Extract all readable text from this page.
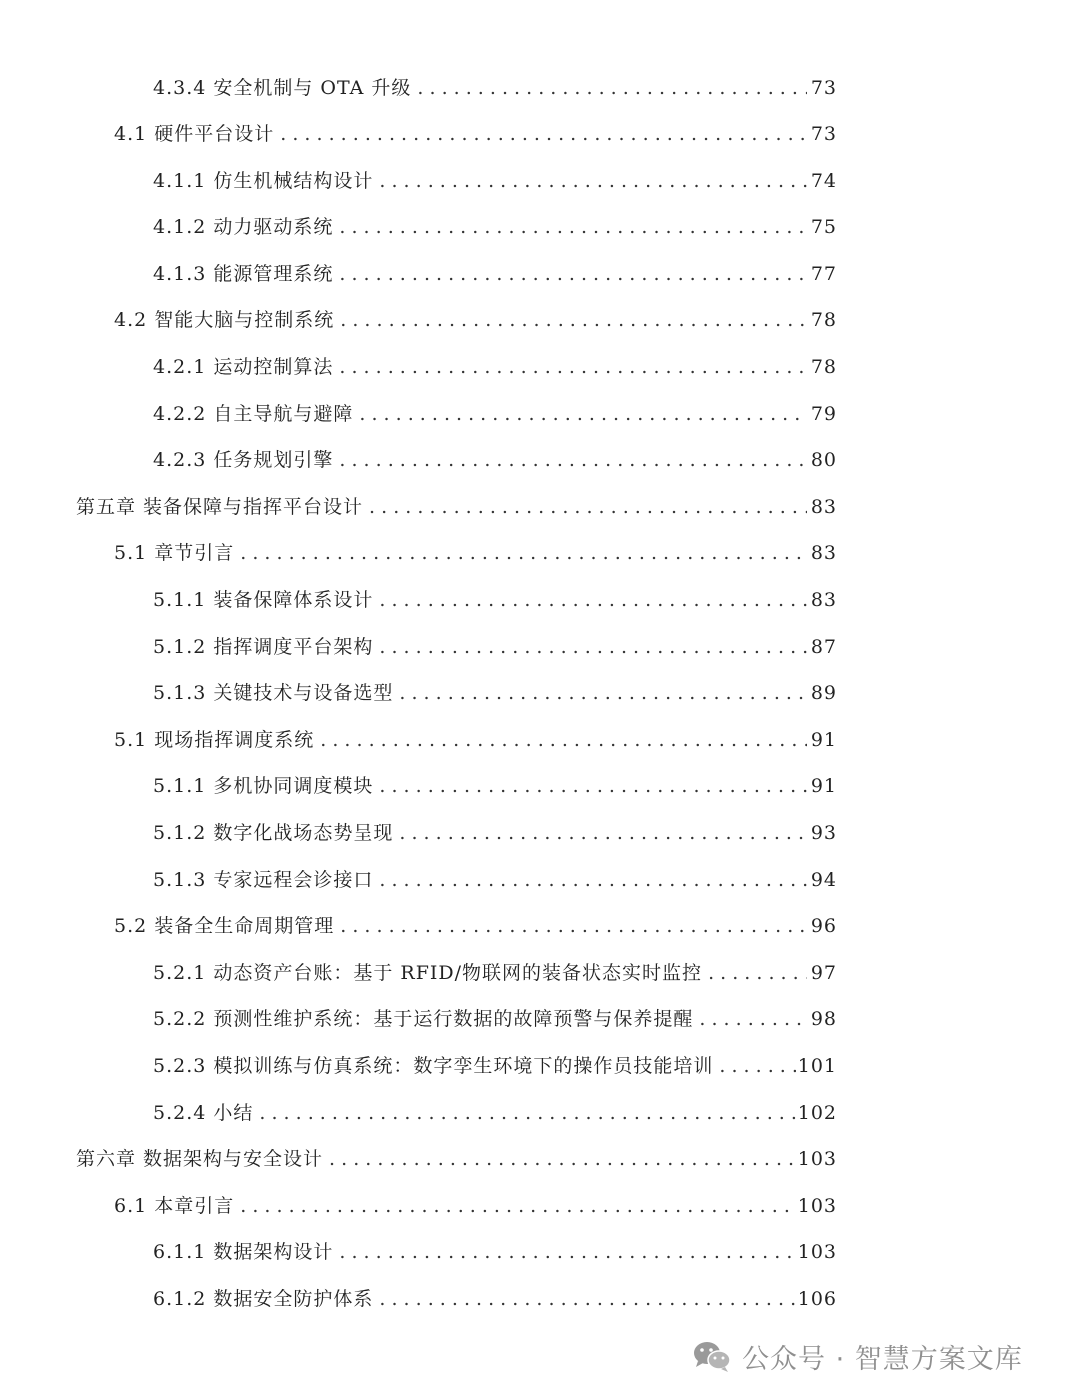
4.3.4 安全机制与 OTA 升级 . . .	73
4.1 硬件平台设计 . . .	73
4.1.1 仿生机械结构设计 . . .	74
4.1.2 动力驱动系统 . . .	75
4.1.3 能源管理系统 . . .	77
4.2 智能大脑与控制系统 . . .	78
4.2.1 运动控制算法 . . .	78
4.2.2 自主导航与避障 . . .	79
4.2.3 任务规划引擎 . . .	80
第五章 装备保障与指挥平台设计 . . .	83
5.1 章节引言 . . .	83
5.1.1 装备保障体系设计 . . .	83
5.1.2 指挥调度平台架构 . . .	87
5.1.3 关键技术与设备选型 . . .	89
5.1 现场指挥调度系统 . . .	91
5.1.1 多机协同调度模块 . . .	91
5.1.2 数字化战场态势呈现 . . .	93
5.1.3 专家远程会诊接口 . . .	94
5.2 装备全生命周期管理 . . .	96
5.2.1 动态资产台账：基于 RFID/物联网的装备状态实时监控 . . .	97
5.2.2 预测性维护系统：基于运行数据的故障预警与保养提醒 . . .	98
5.2.3 模拟训练与仿真系统：数字孪生环境下的操作员技能培训 . . .	101
5.2.4 小结 . . .	102
第六章 数据架构与安全设计 . . .	103
6.1 本章引言 . . .	103
6.1.1 数据架构设计 . . .	103
6.1.2 数据安全防护体系 . . .	106
公众号 · 智慧方案文库
